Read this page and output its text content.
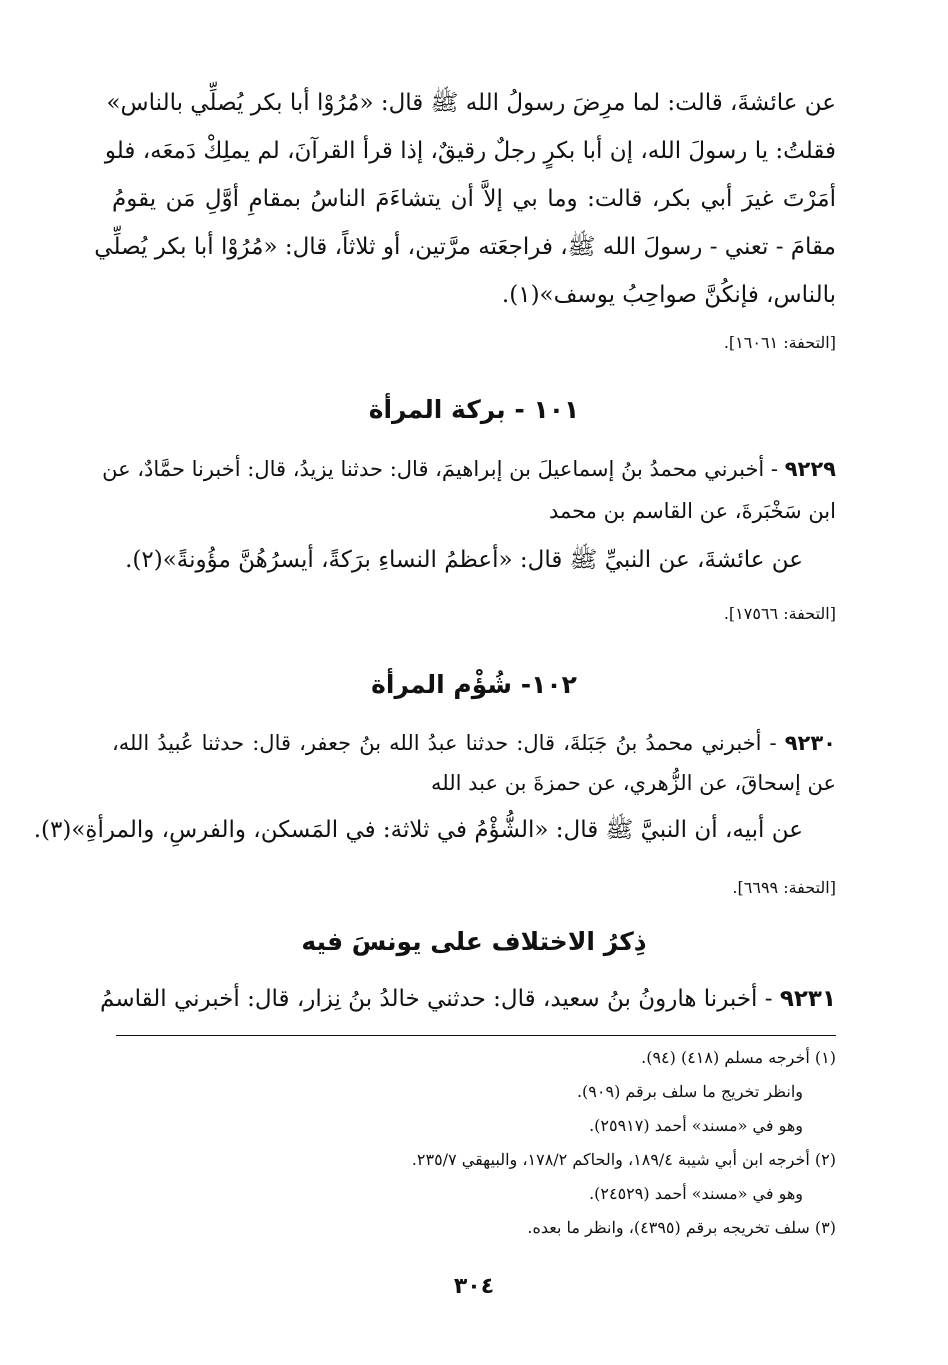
عن عائشةَ، قالت: لما مرِضَ رسولُ الله ﷺ قال: «مُرُوْا أبا بكر يُصلِّي بالناس»
فقلتُ: يا رسولَ الله، إن أبا بكرٍ رجلٌ رقيقٌ، إذا قرأ القرآنَ، لم يملِكْ دَمعَه، فلو
أمَرْتَ غيرَ أبي بكر، قالت: وما بي إلاَّ أن يتشاءَمَ الناسُ بمقامِ أوَّلِ مَن يقومُ
مقامَ - تعني - رسولَ الله ﷺ، فراجعَته مرَّتين، أو ثلاثاً، قال: «مُرُوْا أبا بكر يُصلِّي
بالناس، فإنكُنَّ صواحِبُ يوسف»(١).
[التحفة: ١٦٠٦١].
١٠١ - بركة المرأة
٩٢٢٩ - أخبرني محمدُ بنُ إسماعيلَ بن إبراهيمَ، قال: حدثنا يزيدُ، قال: أخبرنا حمَّادٌ، عن
ابن سَخْبَرةَ، عن القاسم بن محمد
عن عائشةَ، عن النبيِّ ﷺ قال: «أعظمُ النساءِ برَكةً، أيسرُهُنَّ مؤُونةً»(٢).
[التحفة: ١٧٥٦٦].
١٠٢- شُؤْم المرأة
٩٢٣٠ - أخبرني محمدُ بنُ جَبَلةَ، قال: حدثنا عبدُ الله بنُ جعفر، قال: حدثنا عُبيدُ الله،
عن إسحاقَ، عن الزُّهري، عن حمزةَ بن عبد الله
عن أبيه، أن النبيَّ ﷺ قال: «الشُّؤْمُ في ثلاثة: في المَسكن، والفرسِ، والمرأةِ»(٣).
[التحفة: ٦٦٩٩].
ذِكرُ الاختلاف على يونسَ فيه
٩٢٣١ - أخبرنا هارونُ بنُ سعيد، قال: حدثني خالدُ بنُ نِزار، قال: أخبرني القاسمُ
(١) أخرجه مسلم (٤١٨) (٩٤).
وانظر تخريج ما سلف برقم (٩٠٩).
وهو في «مسند» أحمد (٢٥٩١٧).
(٢) أخرجه ابن أبي شيبة ١٨٩/٤، والحاكم ١٧٨/٢، والبيهقي ٢٣٥/٧.
وهو في «مسند» أحمد (٢٤٥٢٩).
(٣) سلف تخريجه برقم (٤٣٩٥)، وانظر ما بعده.
٣٠٤
